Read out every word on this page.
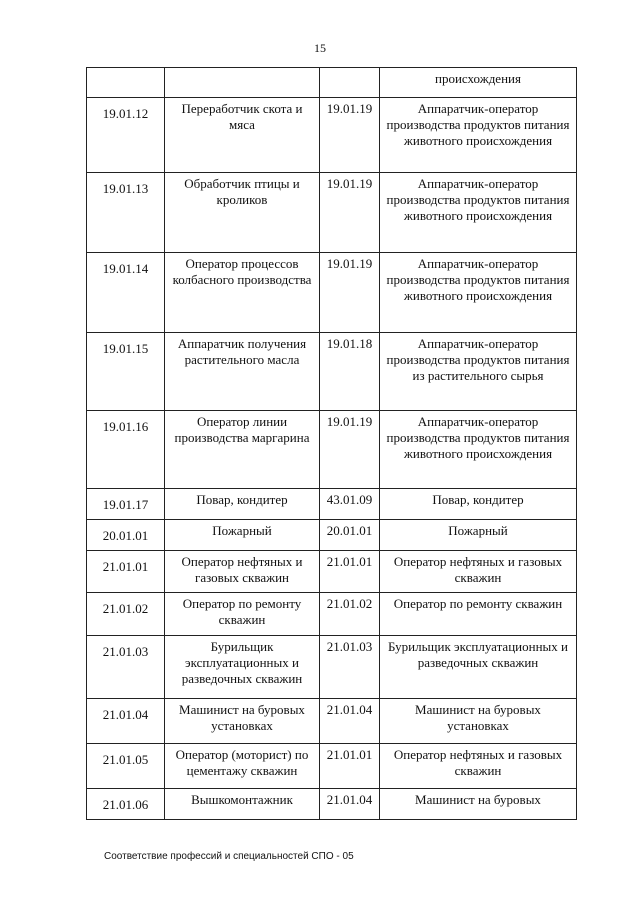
15
			происхождения
19.01.12	Переработчик скота и мяса	19.01.19	Аппаратчик-оператор производства продуктов питания животного происхождения
19.01.13	Обработчик птицы и кроликов	19.01.19	Аппаратчик-оператор производства продуктов питания животного происхождения
19.01.14	Оператор процессов колбасного производства	19.01.19	Аппаратчик-оператор производства продуктов питания животного происхождения
19.01.15	Аппаратчик получения растительного масла	19.01.18	Аппаратчик-оператор производства продуктов питания из растительного сырья
19.01.16	Оператор линии производства маргарина	19.01.19	Аппаратчик-оператор производства продуктов питания животного происхождения
19.01.17	Повар, кондитер	43.01.09	Повар, кондитер
20.01.01	Пожарный	20.01.01	Пожарный
21.01.01	Оператор нефтяных и газовых скважин	21.01.01	Оператор нефтяных и газовых скважин
21.01.02	Оператор по ремонту скважин	21.01.02	Оператор по ремонту скважин
21.01.03	Бурильщик эксплуатационных и разведочных скважин	21.01.03	Бурильщик эксплуатационных и разведочных скважин
21.01.04	Машинист на буровых установках	21.01.04	Машинист на буровых установках
21.01.05	Оператор (моторист) по цементажу скважин	21.01.01	Оператор нефтяных и газовых скважин
21.01.06	Вышкомонтажник	21.01.04	Машинист на буровых
Соответствие профессий и специальностей СПО - 05
